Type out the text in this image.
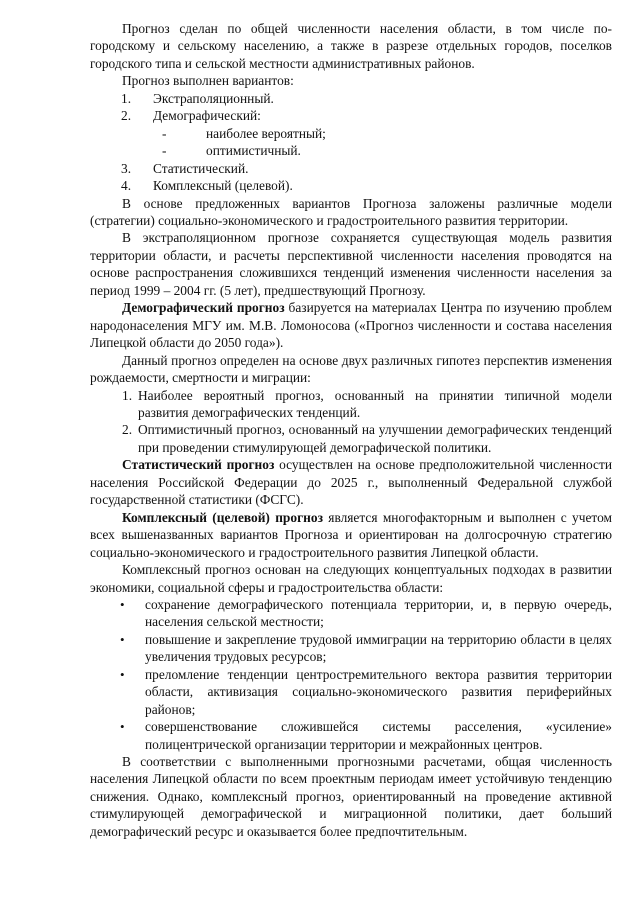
Прогноз сделан по общей численности населения области, в том числе по-городскому и сельскому населению, а также в разрезе отдельных городов, поселков городского типа и сельской местности административных районов.

Прогноз выполнен вариантов:

1. Экстраполяционный.
2. Демографический:
-	наиболее вероятный;
-	оптимистичный.
3. Статистический.
4. Комплексный (целевой).

В основе предложенных вариантов Прогноза заложены различные модели (стратегии) социально-экономического и градостроительного развития территории.

В экстраполяционном прогнозе сохраняется существующая модель развития территории области, и расчеты перспективной численности населения проводятся на основе распространения сложившихся тенденций изменения численности населения за период 1999 – 2004 гг. (5 лет), предшествующий Прогнозу.

Демографический прогноз базируется на материалах Центра по изучению проблем народонаселения МГУ им. М.В. Ломоносова («Прогноз численности и состава населения Липецкой области до 2050 года»).

Данный прогноз определен на основе двух различных гипотез перспектив изменения рождаемости, смертности и миграции:

1. Наиболее вероятный прогноз, основанный на принятии типичной модели развития демографических тенденций.
2. Оптимистичный прогноз, основанный на улучшении демографических тенденций при проведении стимулирующей демографической политики.

Статистический прогноз осуществлен на основе предположительной численности населения Российской Федерации до 2025 г., выполненный Федеральной службой государственной статистики (ФСГС).

Комплексный (целевой) прогноз является многофакторным и выполнен с учетом всех вышеназванных вариантов Прогноза и ориентирован на долгосрочную стратегию социально-экономического и градостроительного развития Липецкой области.

Комплексный прогноз основан на следующих концептуальных подходах в развитии экономики, социальной сферы и градостроительства области:

• сохранение демографического потенциала территории, и, в первую очередь, населения сельской местности;
• повышение и закрепление трудовой иммиграции на территорию области в целях увеличения трудовых ресурсов;
• преломление тенденции центростремительного вектора развития территории области, активизация социально-экономического развития периферийных районов;
• совершенствование сложившейся системы расселения, «усиление» полицентрической организации территории и межрайонных центров.

В соответствии с выполненными прогнозными расчетами, общая численность населения Липецкой области по всем проектным периодам имеет устойчивую тенденцию снижения. Однако, комплексный прогноз, ориентированный на проведение активной стимулирующей демографической и миграционной политики, дает больший демографический ресурс и оказывается более предпочтительным.
